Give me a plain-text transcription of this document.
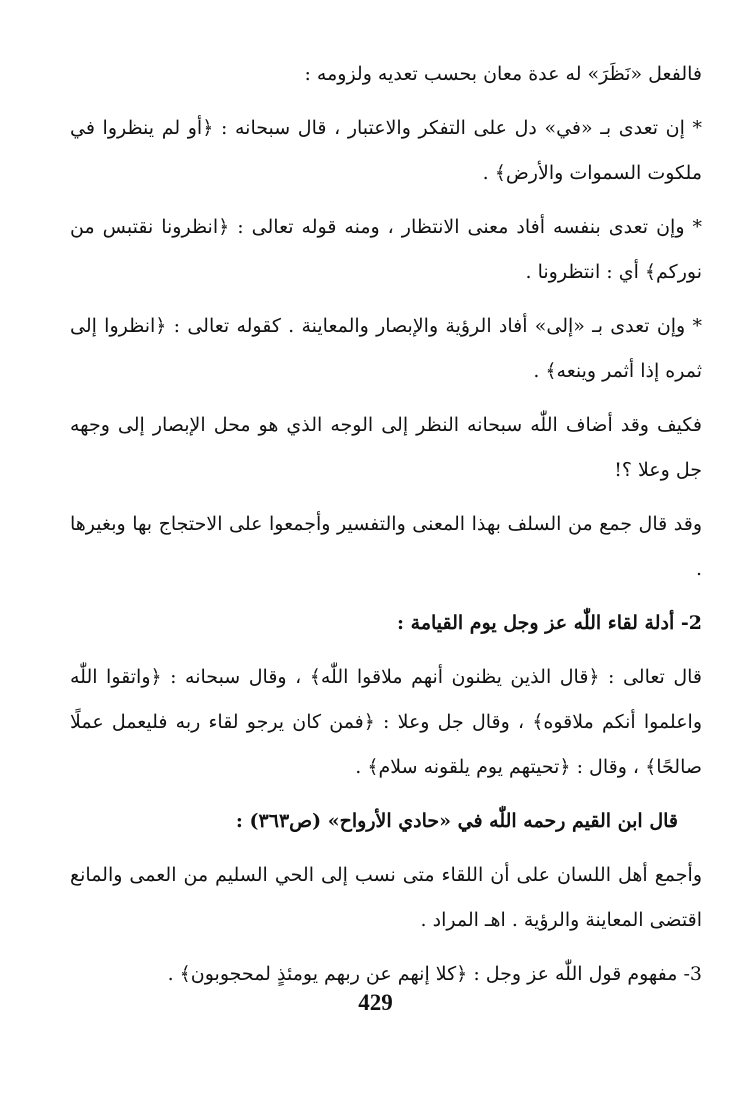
فالفعل «نَظَرَ» له عدة معان بحسب تعديه ولزومه :

* إن تعدى بـ «في» دل على التفكر والاعتبار ، قال سبحانه : ﴿أو لم ينظروا في ملكوت السموات والأرض﴾ .

* وإن تعدى بنفسه أفاد معنى الانتظار ، ومنه قوله تعالى : ﴿انظرونا نقتبس من نوركم﴾ أي : انتظرونا .

* وإن تعدى بـ «إلى» أفاد الرؤية والإبصار والمعاينة . كقوله تعالى : ﴿انظروا إلى ثمره إذا أثمر وينعه﴾ .

فكيف وقد أضاف اللّٰه سبحانه النظر إلى الوجه الذي هو محل الإبصار إلى وجهه جل وعلا ؟!

وقد قال جمع من السلف بهذا المعنى والتفسير وأجمعوا على الاحتجاج بها وبغيرها .

2- أدلة لقاء اللّٰه عز وجل يوم القيامة :

قال تعالى : ﴿قال الذين يظنون أنهم ملاقوا اللّٰه﴾ ، وقال سبحانه : ﴿واتقوا اللّٰه واعلموا أنكم ملاقوه﴾ ، وقال جل وعلا : ﴿فمن كان يرجو لقاء ربه فليعمل عملًا صالحًا﴾ ، وقال : ﴿تحيتهم يوم يلقونه سلام﴾ .

قال ابن القيم رحمه اللّٰه في «حادي الأرواح» (ص٣٦٣) :

وأجمع أهل اللسان على أن اللقاء متى نسب إلى الحي السليم من العمى والمانع اقتضى المعاينة والرؤية . اهـ المراد .

3- مفهوم قول اللّٰه عز وجل : ﴿كلا إنهم عن ربهم يومئذٍ لمحجوبون﴾ .

429
